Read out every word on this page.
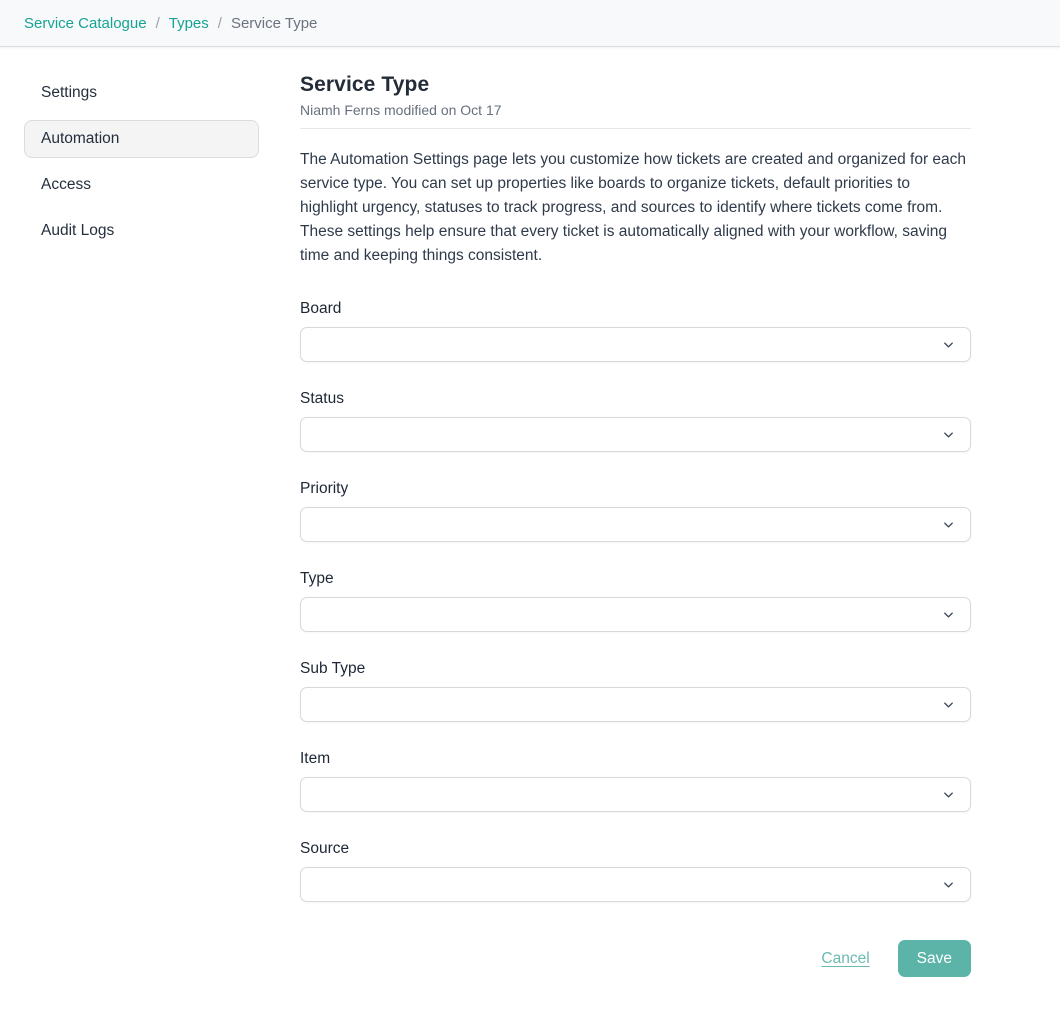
Service Catalogue / Types / Service Type
Settings
Automation
Access
Audit Logs
Service Type
Niamh Ferns modified on Oct 17

The Automation Settings page lets you customize how tickets are created and organized for each service type. You can set up properties like boards to organize tickets, default priorities to highlight urgency, statuses to track progress, and sources to identify where tickets come from. These settings help ensure that every ticket is automatically aligned with your workflow, saving time and keeping things consistent.

Board
Status
Priority
Type
Sub Type
Item
Source
Cancel	Save
